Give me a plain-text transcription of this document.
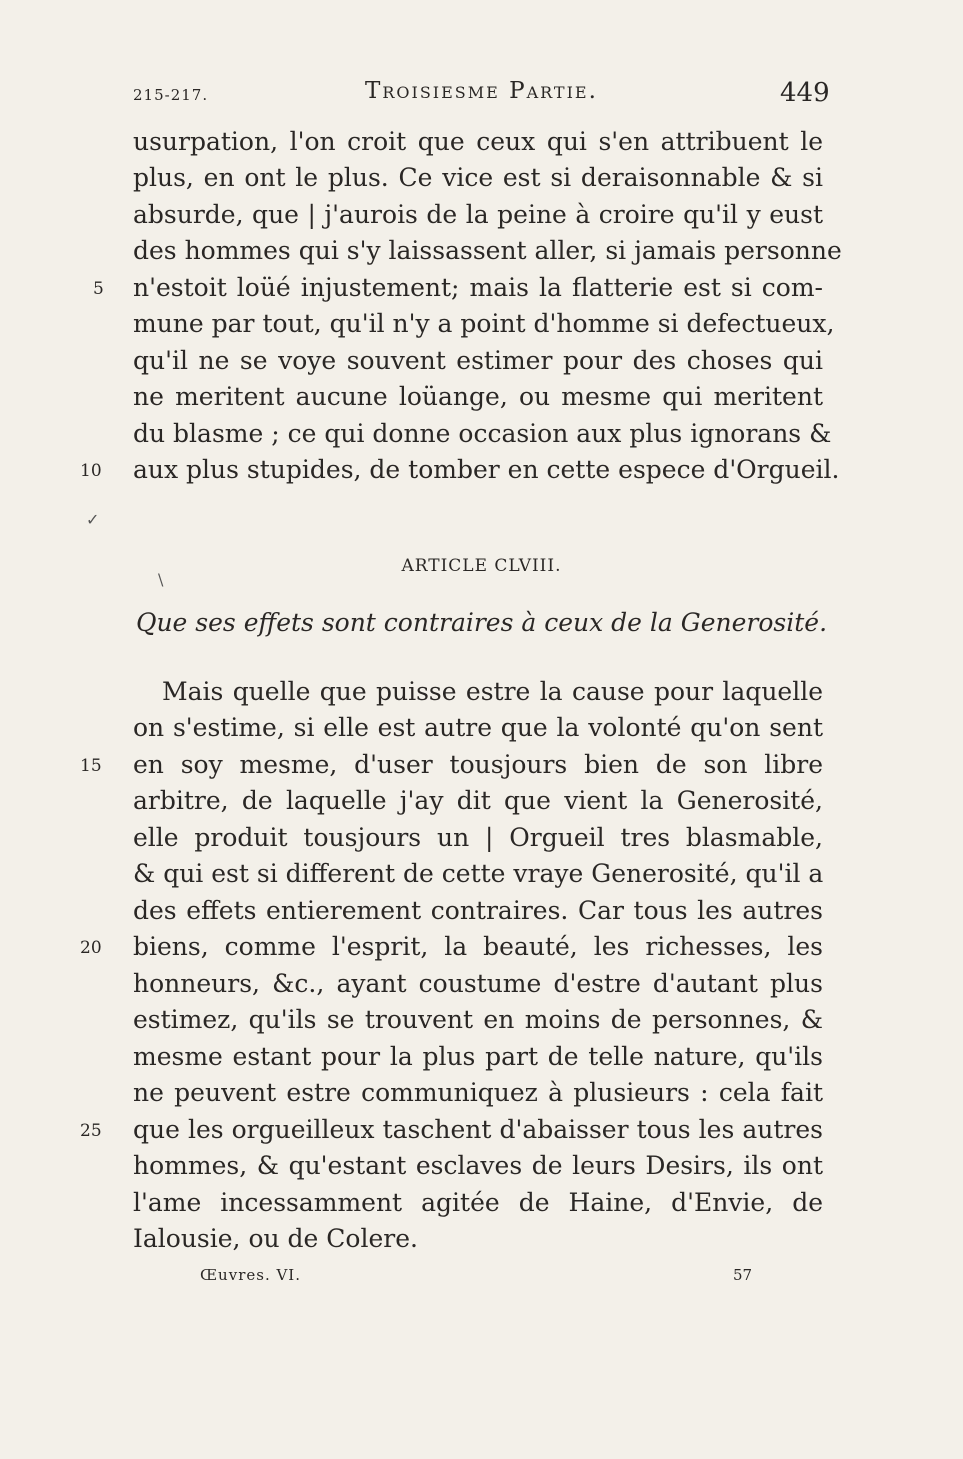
215-217.	Troisiesme Partie.	449
usurpation, l'on croit que ceux qui s'en attribuent le
plus, en ont le plus. Ce vice est si deraisonnable & si
absurde, que | j'aurois de la peine à croire qu'il y eust
des hommes qui s'y laissassent aller, si jamais personne
n'estoit loüé injustement; mais la flatterie est si com-
mune par tout, qu'il n'y a point d'homme si defectueux,
qu'il ne se voye souvent estimer pour des choses qui
ne meritent aucune loüange, ou mesme qui meritent
du blasme ; ce qui donne occasion aux plus ignorans &
aux plus stupides, de tomber en cette espece d'Orgueil.
5
10
✓
\
ARTICLE CLVIII.
Que ses effets sont contraires à ceux de la Generosité.
Mais quelle que puisse estre la cause pour laquelle
on s'estime, si elle est autre que la volonté qu'on sent
en soy mesme, d'user tousjours bien de son libre
arbitre, de laquelle j'ay dit que vient la Generosité,
elle produit tousjours un | Orgueil tres blasmable,
& qui est si different de cette vraye Generosité, qu'il a
des effets entierement contraires. Car tous les autres
biens, comme l'esprit, la beauté, les richesses, les
honneurs, &c., ayant coustume d'estre d'autant plus
estimez, qu'ils se trouvent en moins de personnes, &
mesme estant pour la plus part de telle nature, qu'ils
ne peuvent estre communiquez à plusieurs : cela fait
que les orgueilleux taschent d'abaisser tous les autres
hommes, & qu'estant esclaves de leurs Desirs, ils ont
l'ame incessamment agitée de Haine, d'Envie, de
Ialousie, ou de Colere.
15
20
25
Œuvres. VI.	57
